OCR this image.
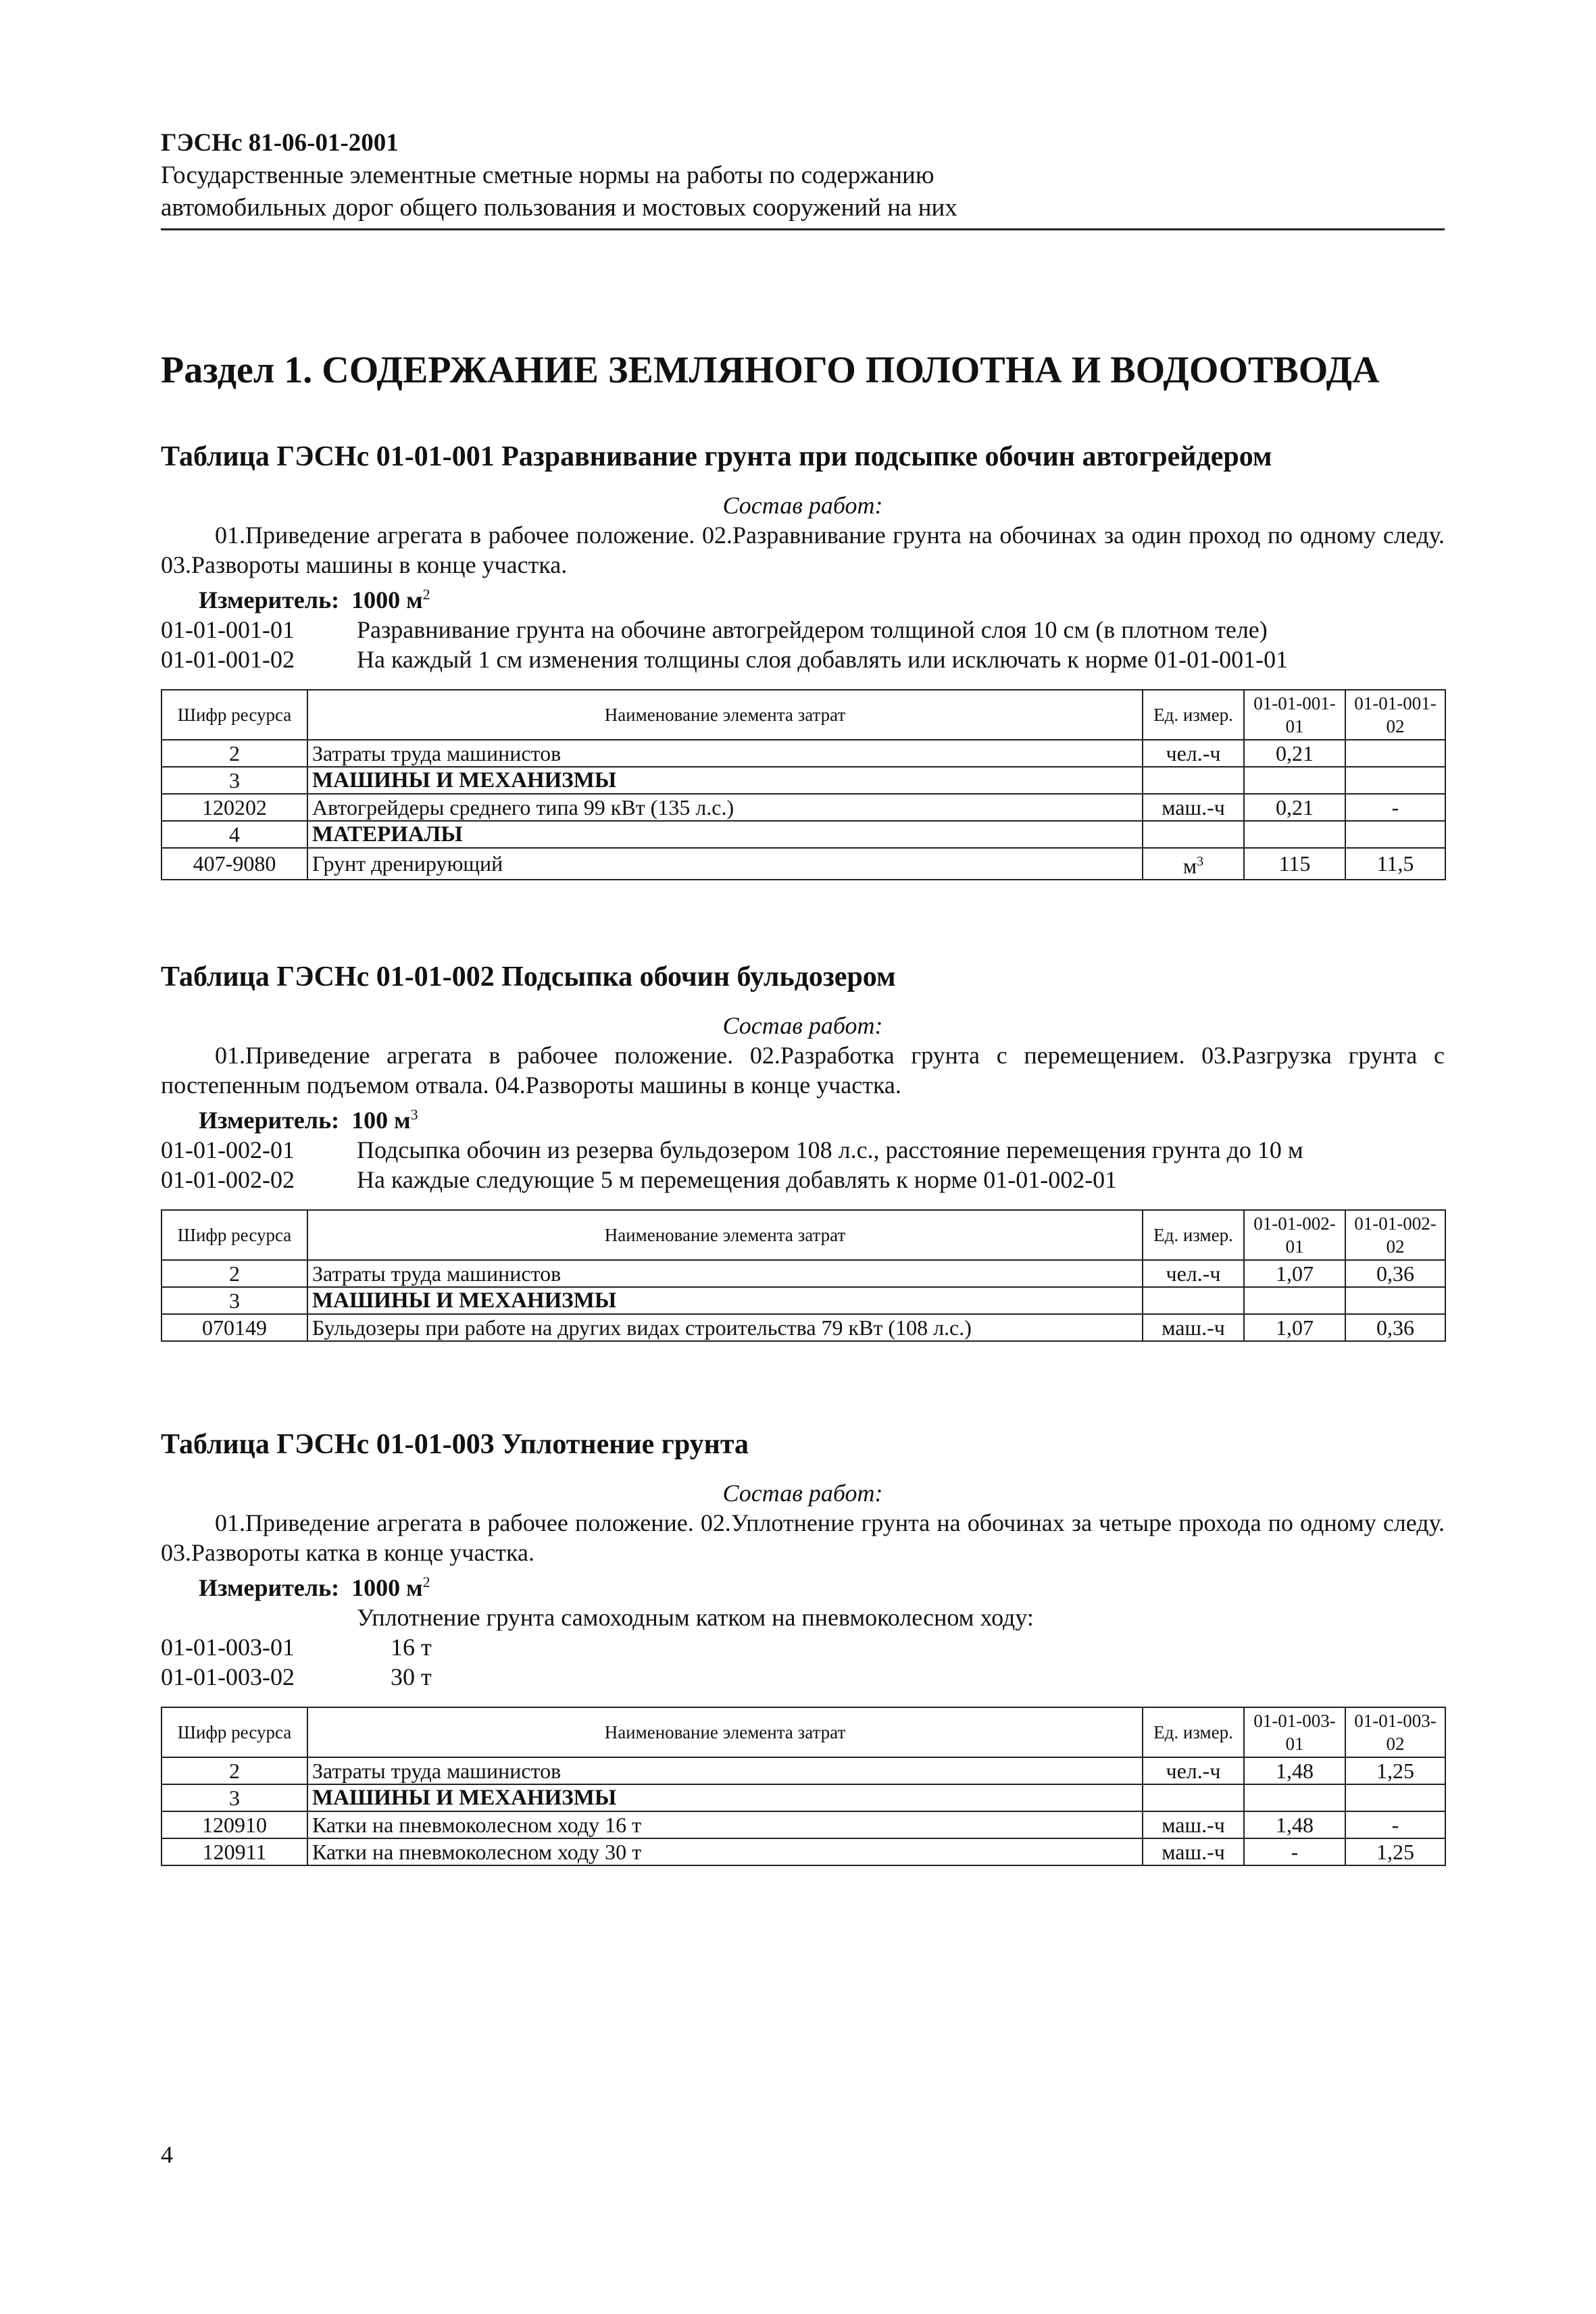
ГЭСНс 81-06-01-2001
Государственные элементные сметные нормы на работы по содержанию
автомобильных дорог общего пользования и мостовых сооружений на них
Раздел 1. СОДЕРЖАНИЕ ЗЕМЛЯНОГО ПОЛОТНА И ВОДООТВОДА
Таблица ГЭСНс 01-01-001 Разравнивание грунта при подсыпке обочин автогрейдером
Состав работ:
01.Приведение агрегата в рабочее положение. 02.Разравнивание грунта на обочинах за один проход по одному следу. 03.Развороты машины в конце участка.
Измеритель: 1000 $м^2$
01-01-001-01	Разравнивание грунта на обочине автогрейдером толщиной слоя 10 см (в плотном теле)
01-01-001-02	На каждый 1 см изменения толщины слоя добавлять или исключать к норме 01-01-001-01
Шифр ресурса	Наименование элемента затрат	Ед. измер.	01-01-001-01	01-01-001-02
2	Затраты труда машинистов	чел.-ч	0,21	
3	МАШИНЫ И МЕХАНИЗМЫ			
120202	Автогрейдеры среднего типа 99 кВт (135 л.с.)	маш.-ч	0,21	-
4	МАТЕРИАЛЫ			
407-9080	Грунт дренирующий	$м^3$	115	11,5
Таблица ГЭСНс 01-01-002 Подсыпка обочин бульдозером
Состав работ:
01.Приведение агрегата в рабочее положение. 02.Разработка грунта с перемещением. 03.Разгрузка грунта с постепенным подъемом отвала. 04.Развороты машины в конце участка.
Измеритель: 100 $м^3$
01-01-002-01	Подсыпка обочин из резерва бульдозером 108 л.с., расстояние перемещения грунта до 10 м
01-01-002-02	На каждые следующие 5 м перемещения добавлять к норме 01-01-002-01
Шифр ресурса	Наименование элемента затрат	Ед. измер.	01-01-002-01	01-01-002-02
2	Затраты труда машинистов	чел.-ч	1,07	0,36
3	МАШИНЫ И МЕХАНИЗМЫ			
070149	Бульдозеры при работе на других видах строительства 79 кВт (108 л.с.)	маш.-ч	1,07	0,36
Таблица ГЭСНс 01-01-003 Уплотнение грунта
Состав работ:
01.Приведение агрегата в рабочее положение. 02.Уплотнение грунта на обочинах за четыре прохода по одному следу. 03.Развороты катка в конце участка.
Измеритель: 1000 $м^2$
Уплотнение грунта самоходным катком на пневмоколесном ходу:
01-01-003-01	16 т
01-01-003-02	30 т
Шифр ресурса	Наименование элемента затрат	Ед. измер.	01-01-003-01	01-01-003-02
2	Затраты труда машинистов	чел.-ч	1,48	1,25
3	МАШИНЫ И МЕХАНИЗМЫ			
120910	Катки на пневмоколесном ходу 16 т	маш.-ч	1,48	-
120911	Катки на пневмоколесном ходу 30 т	маш.-ч	-	1,25
4
